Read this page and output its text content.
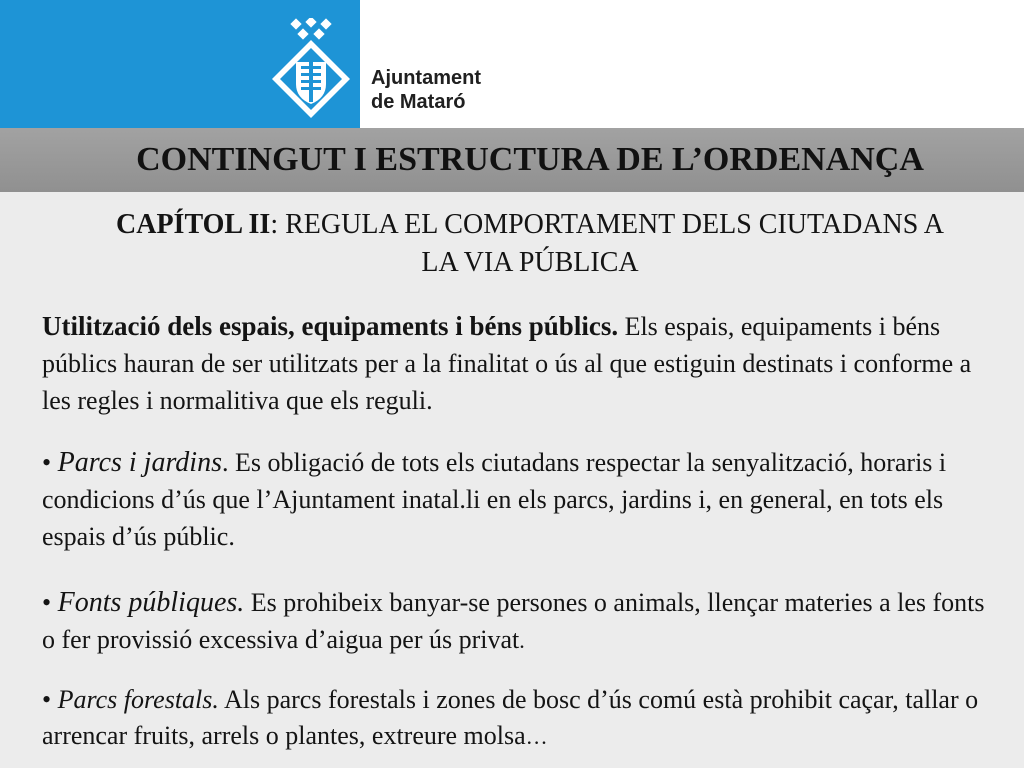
Ajuntament
de Mataró
CONTINGUT I ESTRUCTURA DE L’ORDENANÇA
CAPÍTOL II: REGULA EL COMPORTAMENT DELS CIUTADANS A LA VIA PÚBLICA
Utilització dels espais, equipaments i béns públics. Els espais, equipaments i béns públics hauran de ser utilitzats per a la finalitat o ús al que estiguin destinats i conforme a les regles i normalitiva que els reguli.
• Parcs i jardins. Es obligació de tots els ciutadans respectar la senyalització, horaris i condicions d’ús que l’Ajuntament inatal.li en els parcs, jardins i, en general, en tots els espais d’ús públic.
• Fonts públiques. Es prohibeix banyar-se persones o animals, llençar materies a les fonts o fer provissió excessiva d’aigua per ús privat.
• Parcs forestals. Als parcs forestals i zones de bosc d’ús comú està prohibit caçar, tallar o arrencar fruits, arrels o plantes, extreure molsa…
